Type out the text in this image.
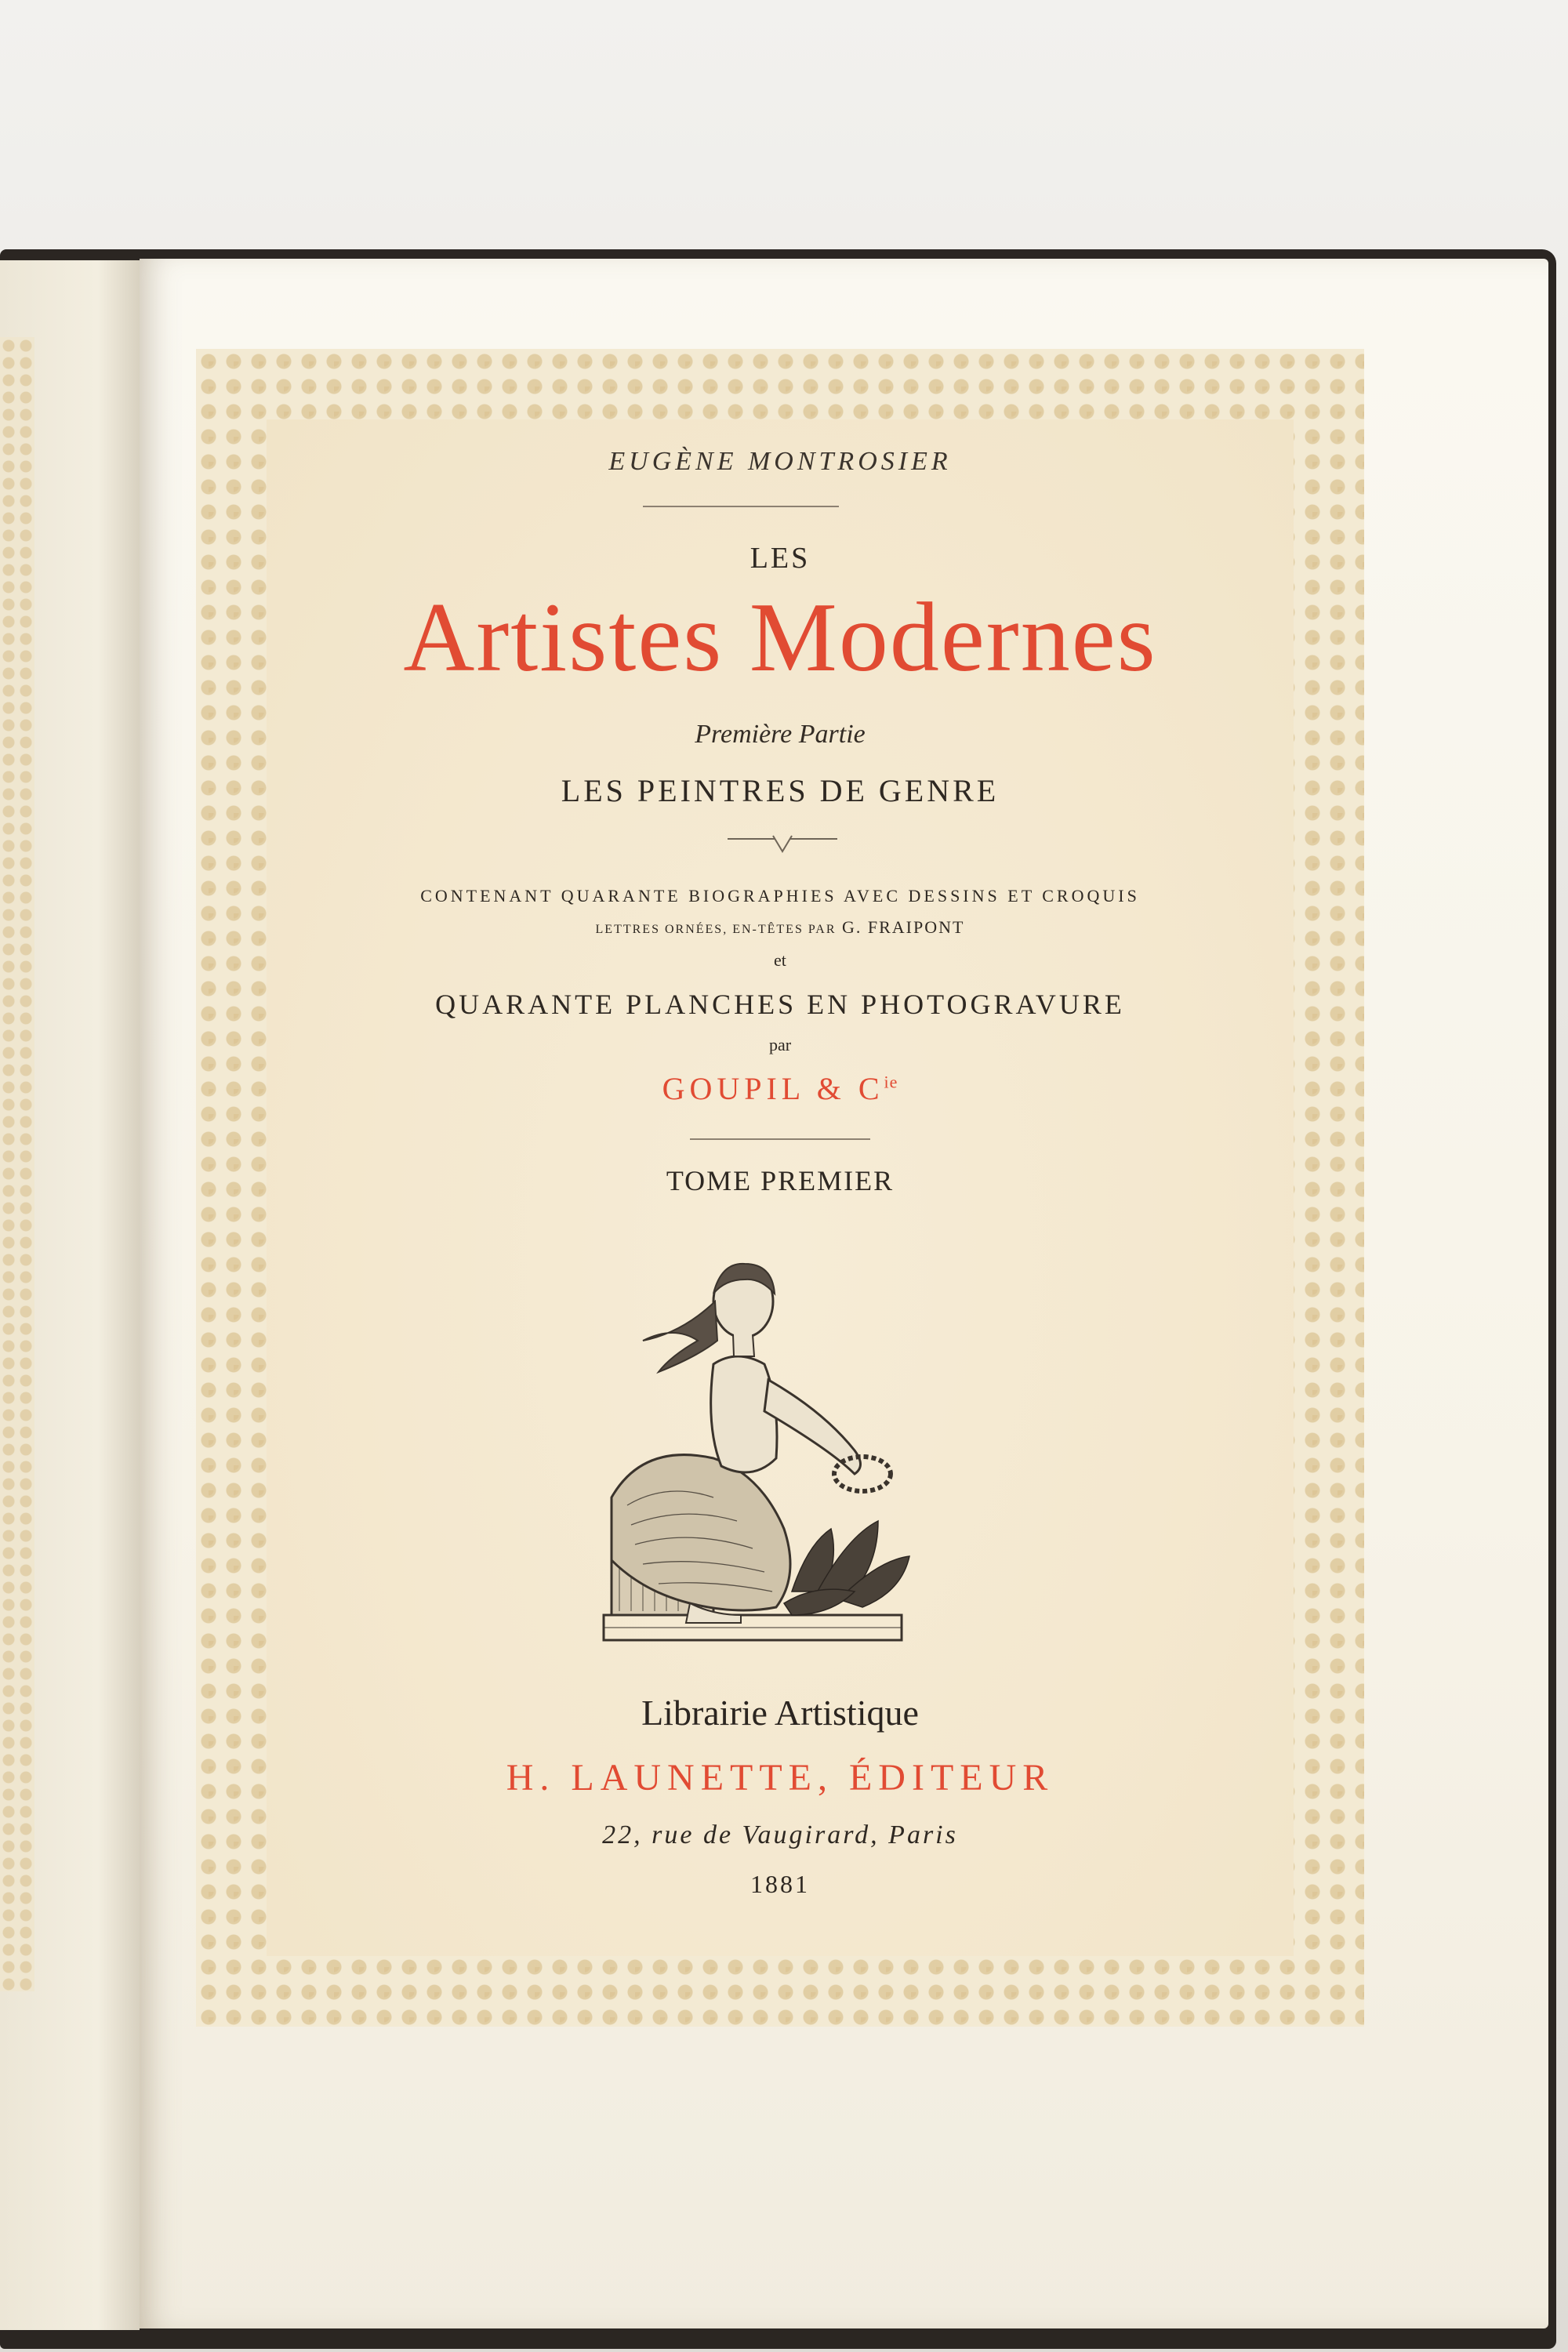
EUGÈNE MONTROSIER

LES

Artistes Modernes

Première Partie

LES PEINTRES DE GENRE

CONTENANT QUARANTE BIOGRAPHIES AVEC DESSINS ET CROQUIS

LETTRES ORNÉES, EN-TÊTES PAR G. FRAIPONT

et

QUARANTE PLANCHES EN PHOTOGRAVURE

par

GOUPIL & $C^{ie}$

TOME PREMIER

Librairie Artistique

H. LAUNETTE, ÉDITEUR

22, rue de Vaugirard, Paris

1881
